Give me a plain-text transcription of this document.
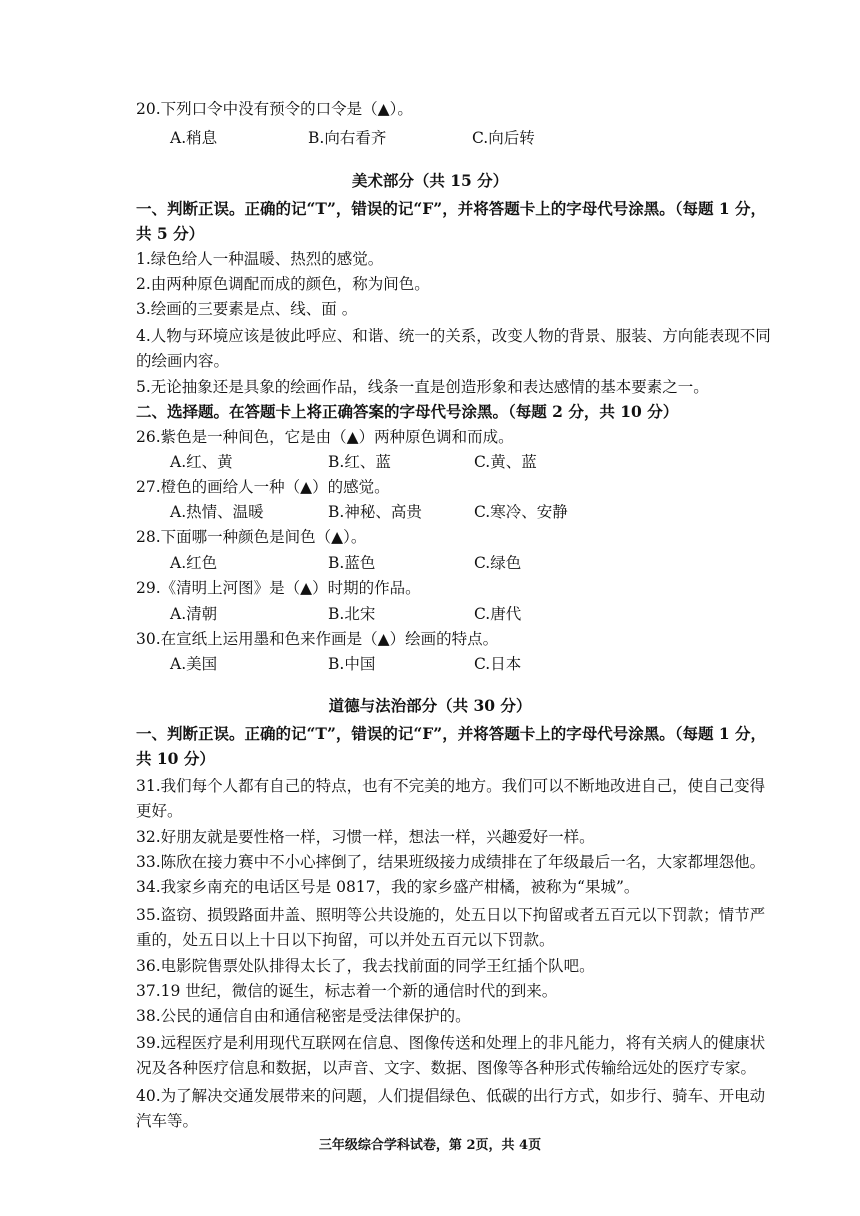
20.下列口令中没有预令的口令是（▲）。
A.稍息	B.向右看齐	C.向后转
美术部分（共 15 分）
一、判断正误。正确的记“T”，错误的记“F”，并将答题卡上的字母代号涂黑。（每题 1 分，共 5 分）
1.绿色给人一种温暖、热烈的感觉。
2.由两种原色调配而成的颜色，称为间色。
3.绘画的三要素是点、线、面 。
4.人物与环境应该是彼此呼应、和谐、统一的关系，改变人物的背景、服装、方向能表现不同的绘画内容。
5.无论抽象还是具象的绘画作品，线条一直是创造形象和表达感情的基本要素之一。
二、选择题。在答题卡上将正确答案的字母代号涂黑。（每题 2 分，共 10 分）
26.紫色是一种间色，它是由（▲）两种原色调和而成。
A.红、黄	B.红、蓝	C.黄、蓝
27.橙色的画给人一种（▲）的感觉。
A.热情、温暖	B.神秘、高贵	C.寒冷、安静
28.下面哪一种颜色是间色（▲）。
A.红色	B.蓝色	C.绿色
29.《清明上河图》是（▲）时期的作品。
A.清朝	B.北宋	C.唐代
30.在宣纸上运用墨和色来作画是（▲）绘画的特点。
A.美国	B.中国	C.日本
道德与法治部分（共 30 分）
一、判断正误。正确的记“T”，错误的记“F”，并将答题卡上的字母代号涂黑。（每题 1 分，共 10 分）
31.我们每个人都有自己的特点，也有不完美的地方。我们可以不断地改进自己，使自己变得更好。
32.好朋友就是要性格一样，习惯一样，想法一样，兴趣爱好一样。
33.陈欣在接力赛中不小心摔倒了，结果班级接力成绩排在了年级最后一名，大家都埋怨他。
34.我家乡南充的电话区号是 0817，我的家乡盛产柑橘，被称为“果城”。
35.盗窃、损毁路面井盖、照明等公共设施的，处五日以下拘留或者五百元以下罚款；情节严重的，处五日以上十日以下拘留，可以并处五百元以下罚款。
36.电影院售票处队排得太长了，我去找前面的同学王红插个队吧。
37.19 世纪，微信的诞生，标志着一个新的通信时代的到来。
38.公民的通信自由和通信秘密是受法律保护的。
39.远程医疗是利用现代互联网在信息、图像传送和处理上的非凡能力，将有关病人的健康状况及各种医疗信息和数据，以声音、文字、数据、图像等各种形式传输给远处的医疗专家。
40.为了解决交通发展带来的问题，人们提倡绿色、低碳的出行方式，如步行、骑车、开电动汽车等。
三年级综合学科试卷，第 2页，共 4页
